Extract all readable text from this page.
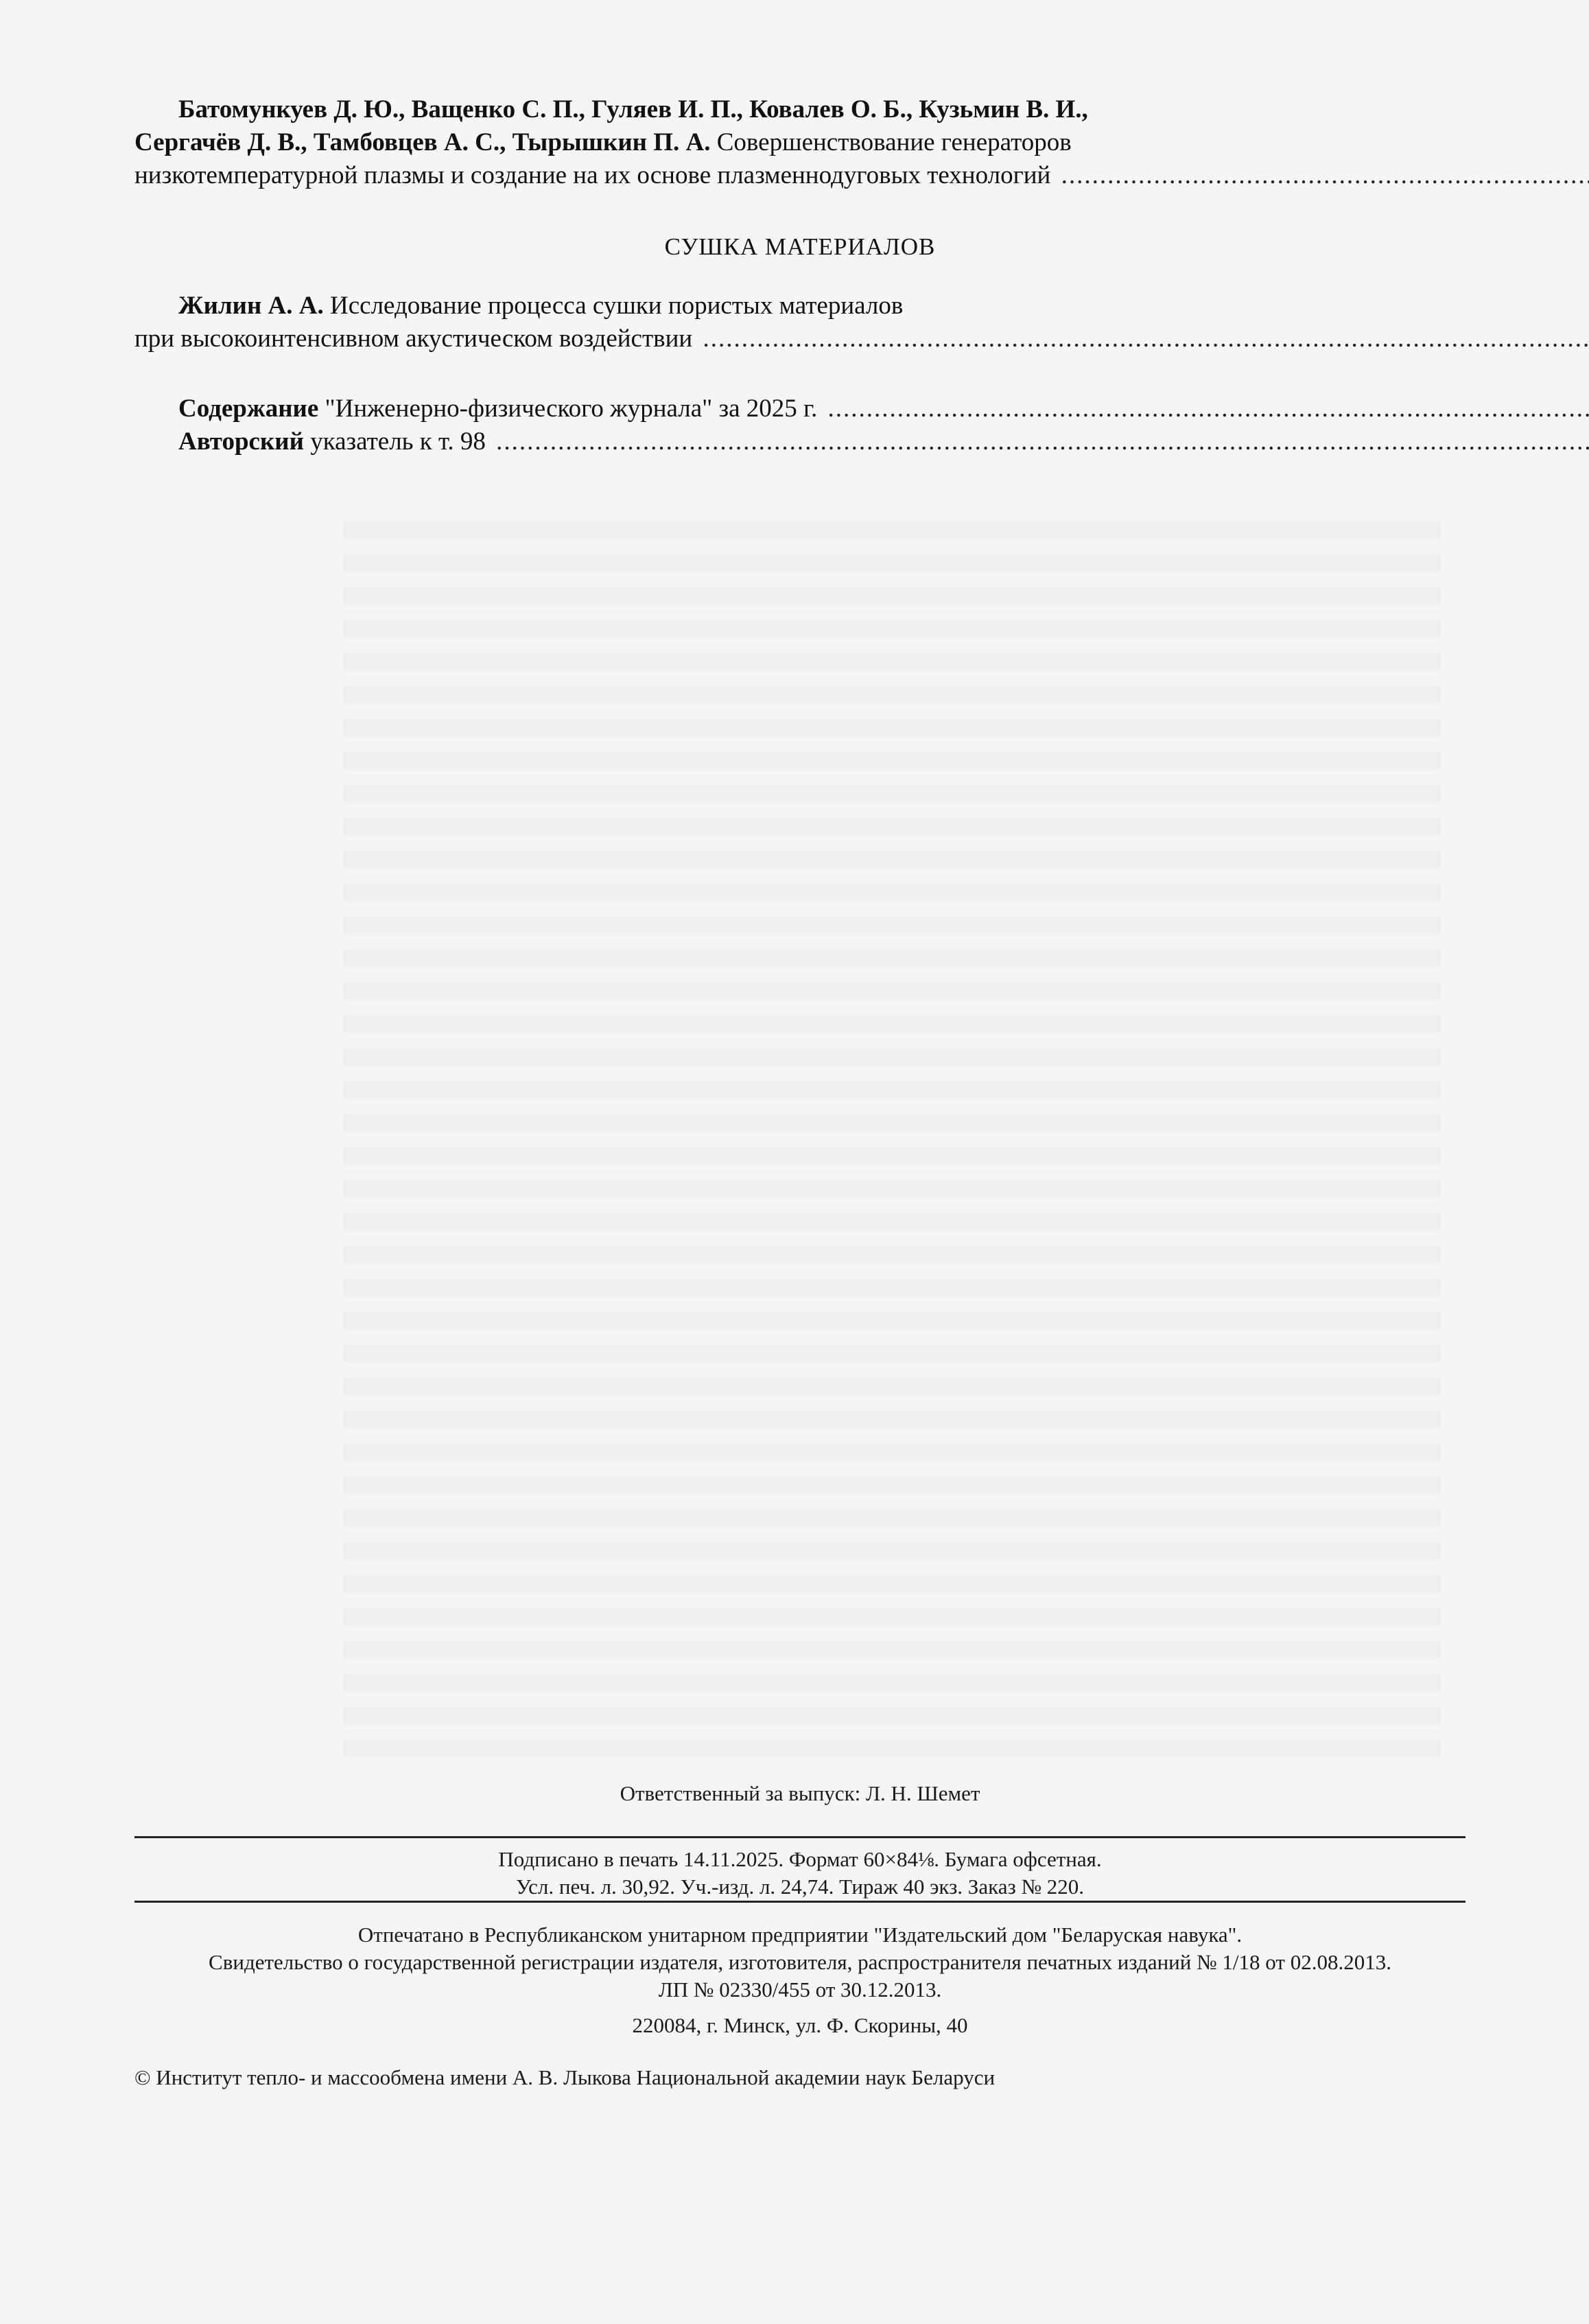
Батомункуев Д. Ю., Ващенко С. П., Гуляев И. П., Ковалев О. Б., Кузьмин В. И.,
Сергачёв Д. В., Тамбовцев А. С., Тырышкин П. А. Совершенствование генераторов
низкотемпературной плазмы и создание на их основе плазменнодуговых технологий .....
СУШКА МАТЕРИАЛОВ
Жилин А. А. Исследование процесса сушки пористых материалов
при высокоинтенсивном акустическом воздействии .....
Содержание "Инженерно-физического журнала" за 2025 г. .....
Авторский указатель к т. 98 .....
Ответственный за выпуск: Л. Н. Шемет
Подписано в печать 14.11.2025. Формат 60×84⅛. Бумага офсетная.
Усл. печ. л. 30,92. Уч.-изд. л. 24,74. Тираж 40 экз. Заказ № 220.
Отпечатано в Республиканском унитарном предприятии "Издательский дом "Беларуская навука".
Свидетельство о государственной регистрации издателя, изготовителя, распространителя печатных изданий № 1/18 от 02.08.2013.
ЛП № 02330/455 от 30.12.2013.
220084, г. Минск, ул. Ф. Скорины, 40
© Институт тепло- и массообмена имени А. В. Лыкова Национальной академии наук Беларуси
